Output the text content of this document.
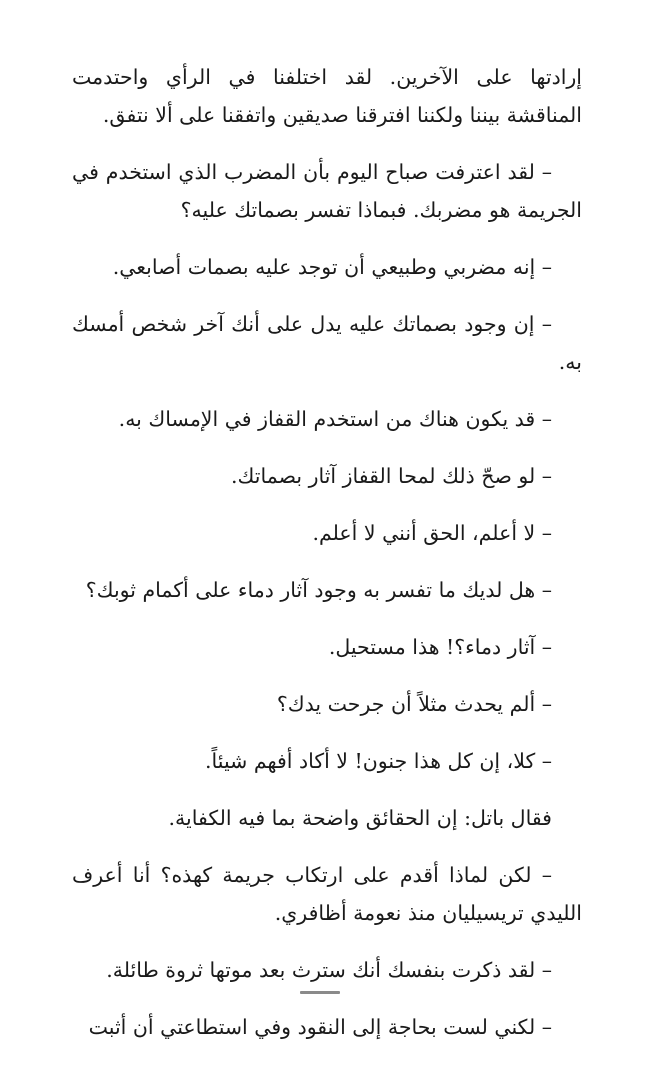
إرادتها على الآخرين. لقد اختلفنا في الرأي واحتدمت المناقشة بيننا ولكننا افترقنا صديقين واتفقنا على ألا نتفق.

– لقد اعترفت صباح اليوم بأن المضرب الذي استخدم في الجريمة هو مضربك. فبماذا تفسر بصماتك عليه؟

– إنه مضربي وطبيعي أن توجد عليه بصمات أصابعي.

– إن وجود بصماتك عليه يدل على أنك آخر شخص أمسك به.

– قد يكون هناك من استخدم القفاز في الإمساك به.

– لو صحّ ذلك لمحا القفاز آثار بصماتك.

– لا أعلم، الحق أنني لا أعلم.

– هل لديك ما تفسر به وجود آثار دماء على أكمام ثوبك؟

– آثار دماء؟! هذا مستحيل.

– ألم يحدث مثلاً أن جرحت يدك؟

– كلا، إن كل هذا جنون! لا أكاد أفهم شيئاً.

فقال باتل: إن الحقائق واضحة بما فيه الكفاية.

– لكن لماذا أقدم على ارتكاب جريمة كهذه؟ أنا أعرف الليدي تريسيليان منذ نعومة أظافري.

– لقد ذكرت بنفسك أنك سترث بعد موتها ثروة طائلة.

– لكني لست بحاجة إلى النقود وفي استطاعتي أن أثبت
